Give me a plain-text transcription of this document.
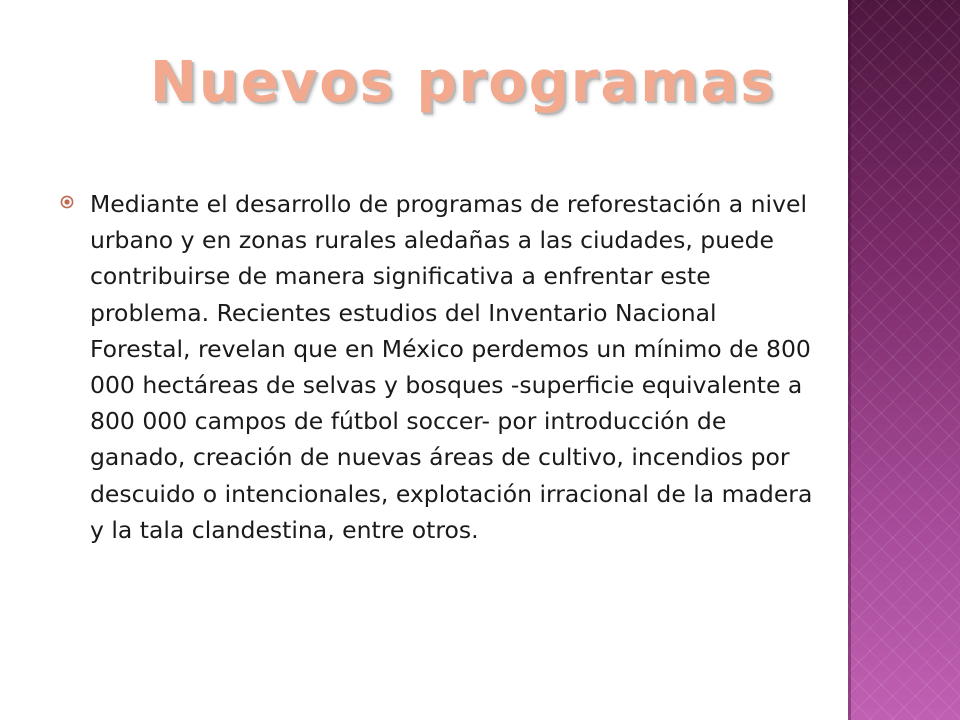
Nuevos programas

Mediante el desarrollo de programas de reforestación a nivel urbano y en zonas rurales aledañas a las ciudades, puede contribuirse de manera significativa a enfrentar este problema. Recientes estudios del Inventario Nacional Forestal, revelan que en México perdemos un mínimo de 800 000 hectáreas de selvas y bosques -superficie equivalente a 800 000 campos de fútbol soccer- por introducción de ganado, creación de nuevas áreas de cultivo, incendios por descuido o intencionales, explotación irracional de la madera y la tala clandestina, entre otros.
